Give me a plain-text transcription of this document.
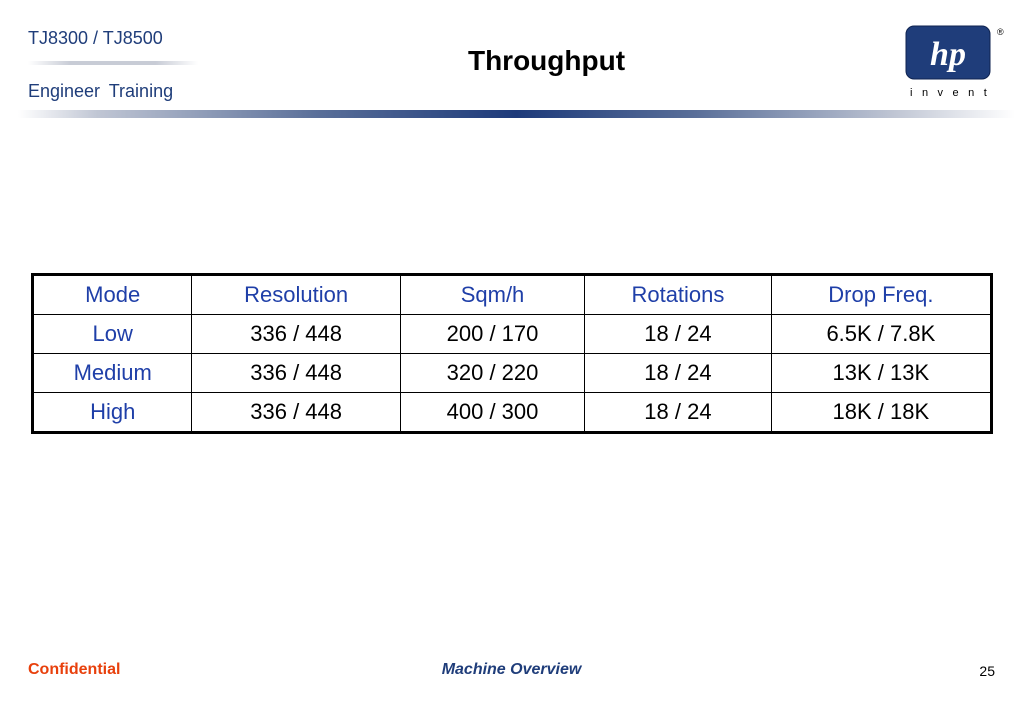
TJ8300 / TJ8500
Engineer Training
Throughput	hp
®
invent
Mode	Resolution	Sqm/h	Rotations	Drop Freq.
Low	336 / 448	200 / 170	18 / 24	6.5K / 7.8K
Medium	336 / 448	320 / 220	18 / 24	13K / 13K
High	336 / 448	400 / 300	18 / 24	18K / 18K
Confidential	Machine Overview	25
